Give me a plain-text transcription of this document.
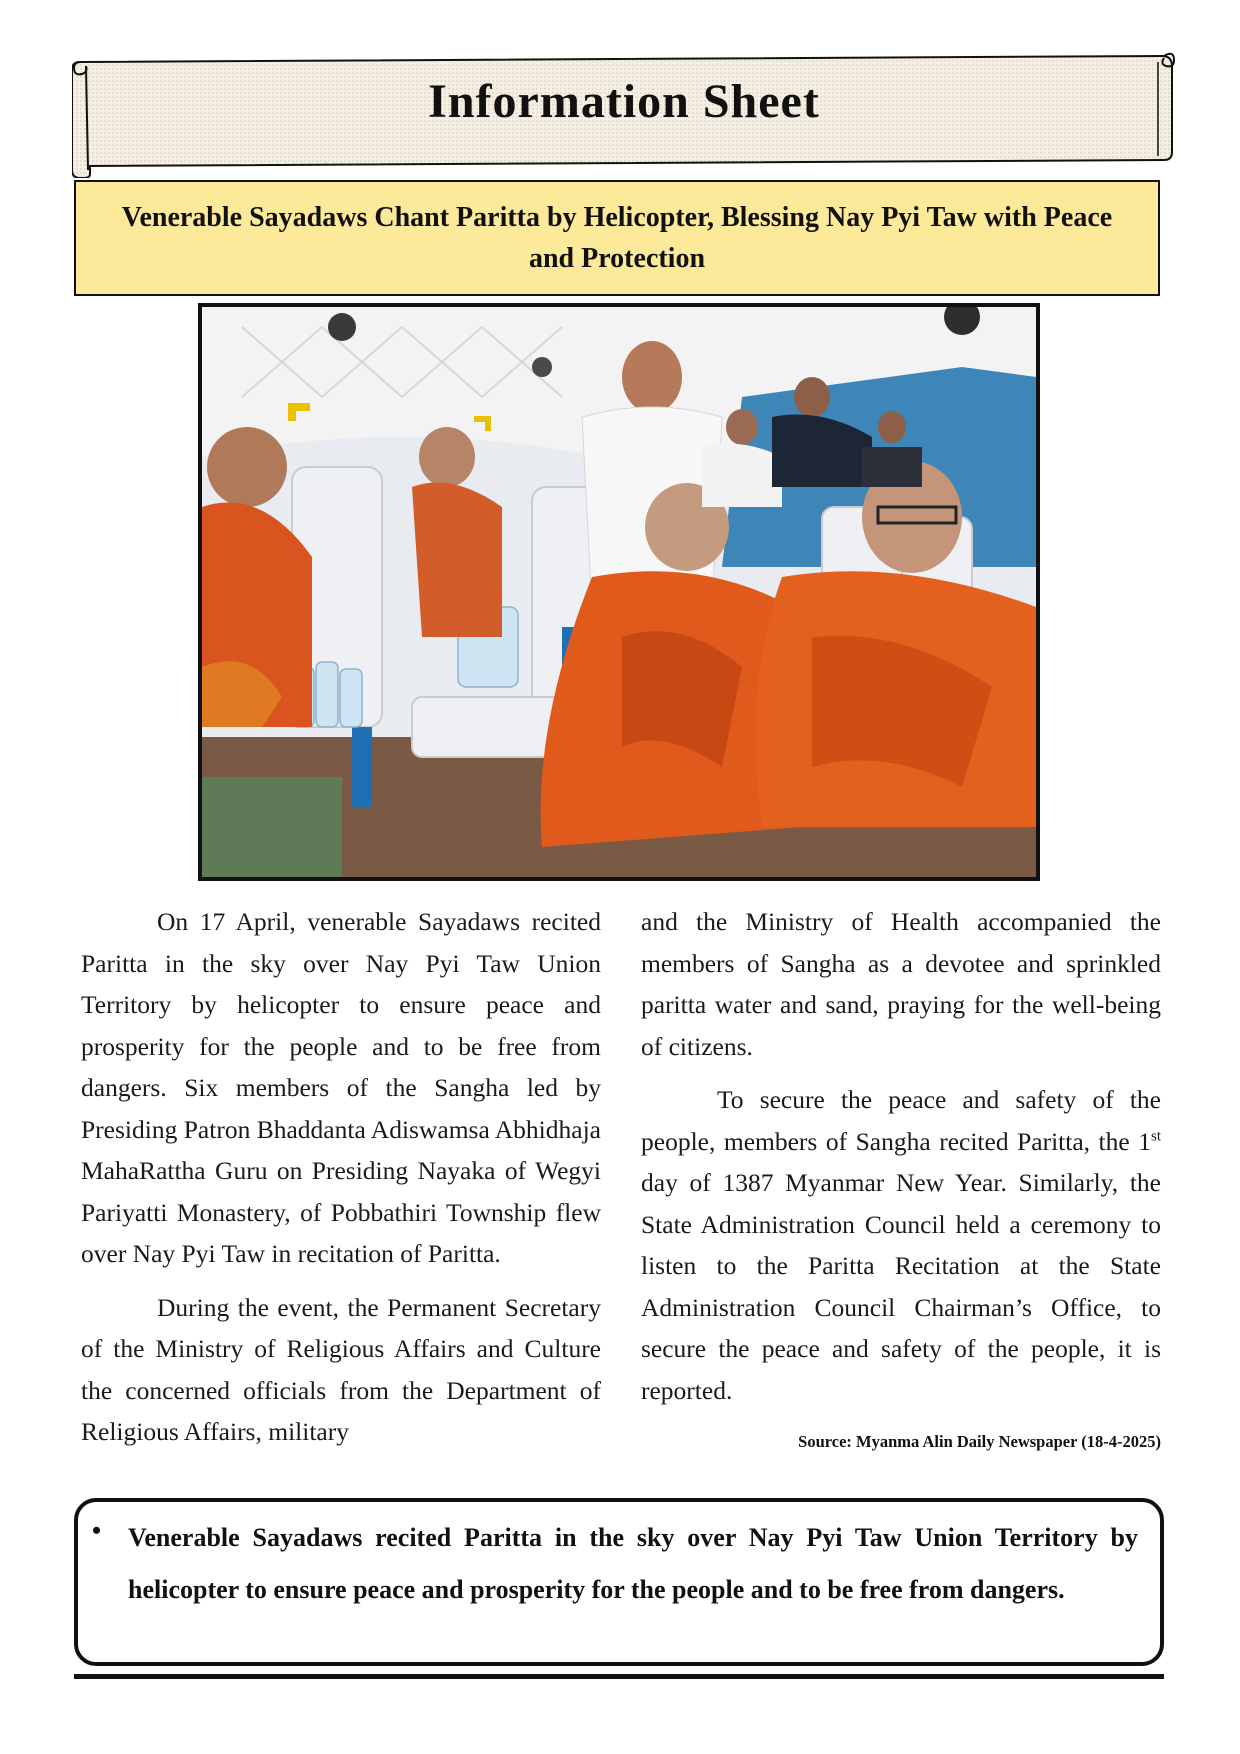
Information Sheet
Venerable Sayadaws Chant Paritta by Helicopter, Blessing Nay Pyi Taw with Peace and Protection

On 17 April, venerable Sayadaws recited Paritta in the sky over Nay Pyi Taw Union Territory by helicopter to ensure peace and prosperity for the people and to be free from dangers. Six members of the Sangha led by Presiding Patron Bhaddanta Adiswamsa Abhidhaja MahaRattha Guru on Presiding Nayaka of Wegyi Pariyatti Monastery, of Pobbathiri Township flew over Nay Pyi Taw in recitation of Paritta.

During the event, the Permanent Secretary of the Ministry of Religious Affairs and Culture the concerned officials from the Department of Religious Affairs, military

and the Ministry of Health accompanied the members of Sangha as a devotee and sprinkled paritta water and sand, praying for the well-being of citizens.

To secure the peace and safety of the people, members of Sangha recited Paritta, the 1st day of 1387 Myanmar New Year. Similarly, the State Administration Council held a ceremony to listen to the Paritta Recitation at the State Administration Council Chairman’s Office, to secure the peace and safety of the people, it is reported.

Source: Myanma Alin Daily Newspaper (18-4-2025)
• Venerable Sayadaws recited Paritta in the sky over Nay Pyi Taw Union Territory by helicopter to ensure peace and prosperity for the people and to be free from dangers.
